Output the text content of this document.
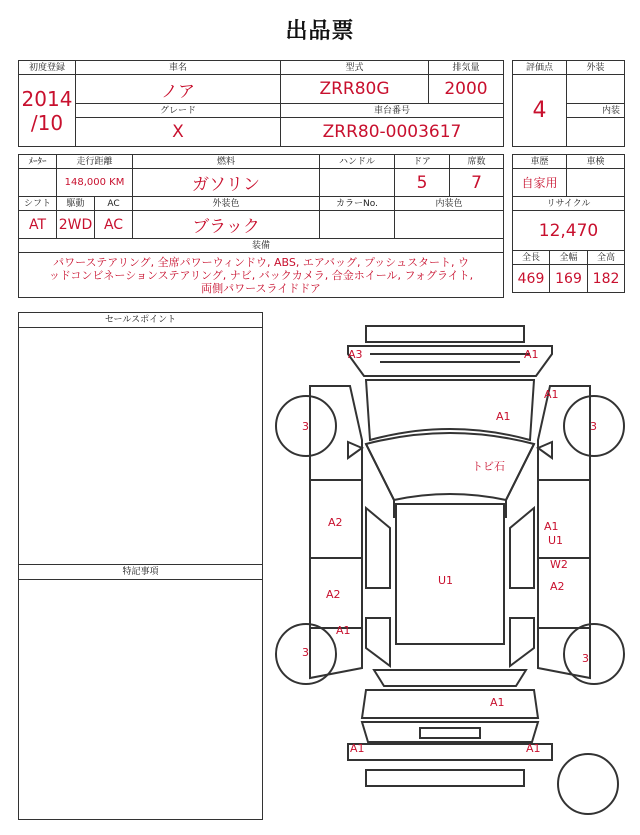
出品票
初度登録	車名	型式	排気量

2014
/10	ノア	ZRR80G	2000
	グレード	車台番号	
	X	ZRR80-0003617	
評価点	外装
4	
	内装

ﾒｰﾀｰ	走行距離		燃料	ハンドル	ドア	席数
	148,000 KM		ガソリン		5	7
シフト	駆動	AC	外装色	カラーNo.	内装色	
AT	2WD	AC	ブラック			
装備						

パワーステアリング, 全席パワーウィンドウ, ABS, エアバッグ, プッシュスタート, ウ
ッドコンビネーションステアリング, ナビ, バックカメラ, 合金ホイール, フォグライト,
両側パワースライドドア						
車歴		車検	
自家用			
リサイクル			
12,470			
全長	全幅		全高
469	169		182
セールスポイント
特記事項
A3	A1
A1
A1
3	3
トビ石
A2	A1
U1
U1
W2
A2
A2
A1
3	3
A1
A1	A1
